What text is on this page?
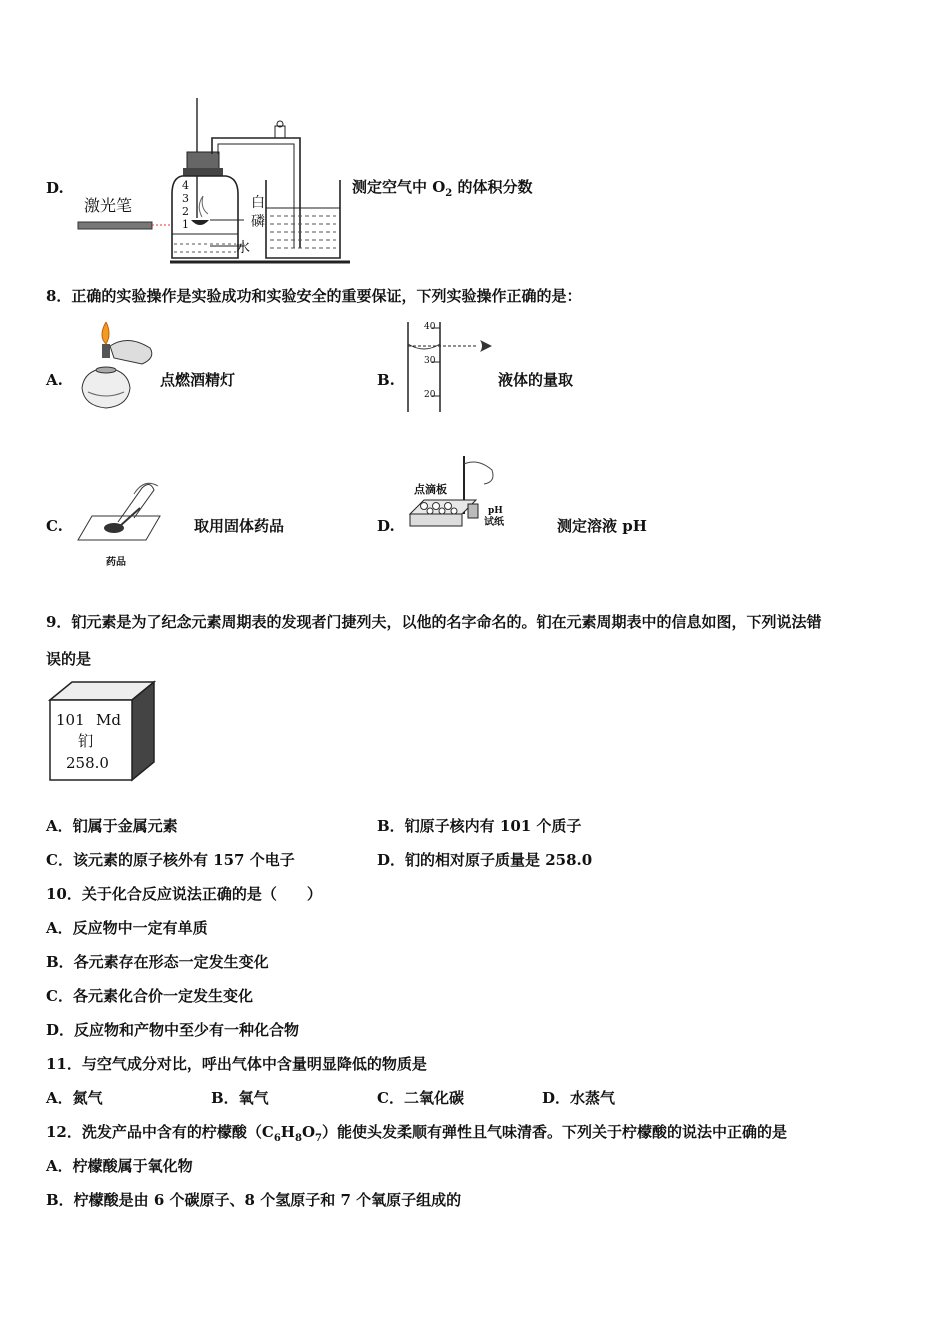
D.
激光笔
4
3
2
1
白
磷
水
测定空气中 $O_2$ 的体积分数
8．正确的实验操作是实验成功和实验安全的重要保证，下列实验操作正确的是：
A.	点燃酒精灯	B.
40
30
20
液体的量取
C.
药品
取用固体药品	D.
点滴板
pH
试纸	测定溶液 pH
9．钔元素是为了纪念元素周期表的发现者门捷列夫，以他的名字命名的。钔在元素周期表中的信息如图，下列说法错
误的是
101 Md
钔
258.0
A．钔属于金属元素	B．钔原子核内有 101 个质子
C．该元素的原子核外有 157 个电子	D．钔的相对原子质量是 258.0
10．关于化合反应说法正确的是（　　）
A．反应物中一定有单质
B．各元素存在形态一定发生变化
C．各元素化合价一定发生变化
D．反应物和产物中至少有一种化合物
11．与空气成分对比，呼出气体中含量明显降低的物质是
A．氮气	B．氧气	C．二氧化碳	D．水蒸气
12．洗发产品中含有的柠檬酸$(C_6H_8O_7)$能使头发柔顺有弹性且气味清香。下列关于柠檬酸的说法中正确的是
A．柠檬酸属于氧化物
B．柠檬酸是由 6 个碳原子、8 个氢原子和 7 个氧原子组成的
